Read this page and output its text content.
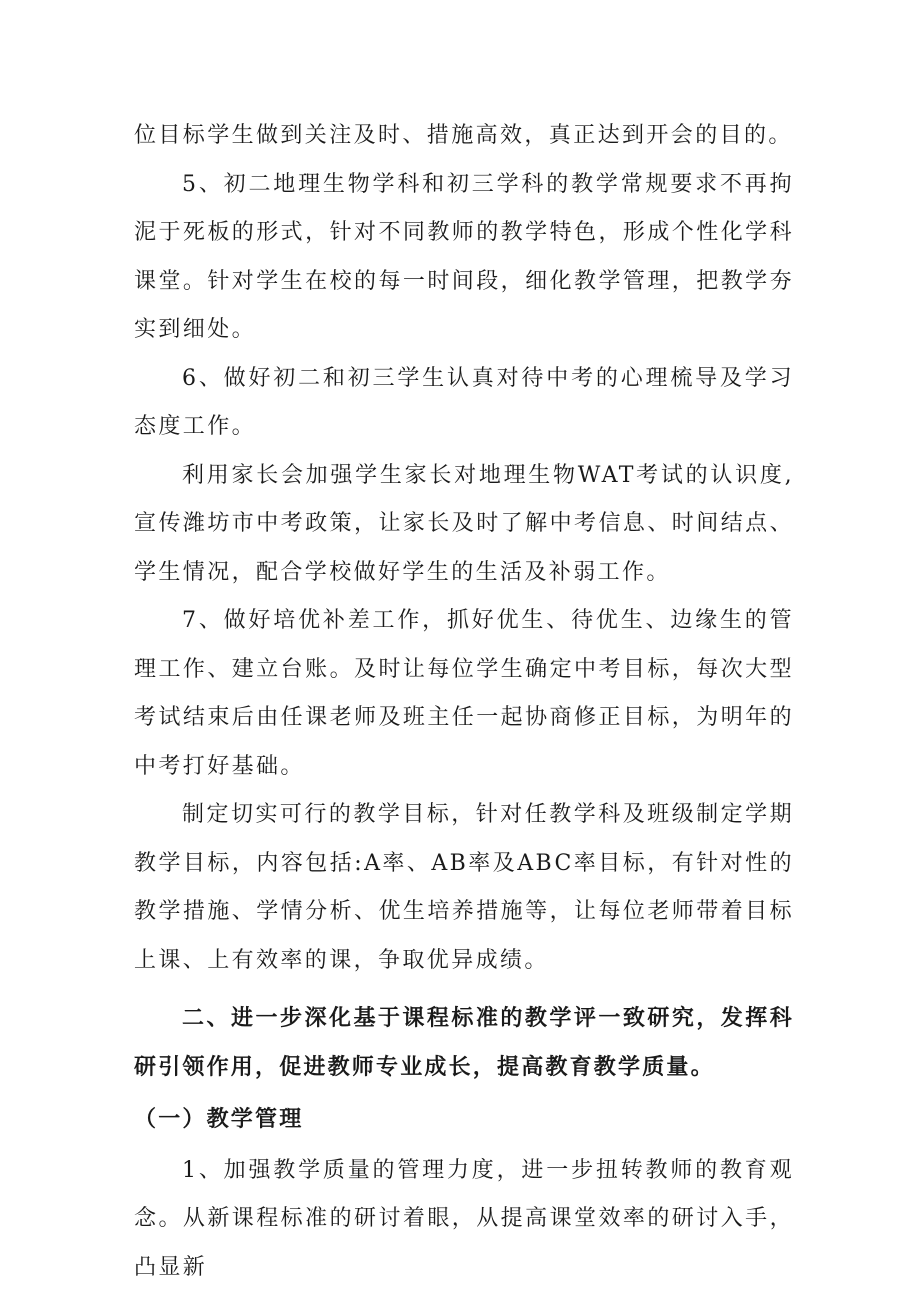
位目标学生做到关注及时、措施高效，真正达到开会的目的。

5、初二地理生物学科和初三学科的教学常规要求不再拘泥于死板的形式，针对不同教师的教学特色，形成个性化学科课堂。针对学生在校的每一时间段，细化教学管理，把教学夯实到细处。

6、做好初二和初三学生认真对待中考的心理梳导及学习态度工作。

利用家长会加强学生家长对地理生物WAT考试的认识度,宣传潍坊市中考政策，让家长及时了解中考信息、时间结点、学生情况，配合学校做好学生的生活及补弱工作。

7、做好培优补差工作，抓好优生、待优生、边缘生的管理工作、建立台账。及时让每位学生确定中考目标，每次大型考试结束后由任课老师及班主任一起协商修正目标，为明年的中考打好基础。

制定切实可行的教学目标，针对任教学科及班级制定学期教学目标，内容包括:A率、AB率及ABC率目标，有针对性的教学措施、学情分析、优生培养措施等，让每位老师带着目标上课、上有效率的课，争取优异成绩。

二、进一步深化基于课程标准的教学评一致研究，发挥科研引领作用，促进教师专业成长，提高教育教学质量。

（一）教学管理

1、加强教学质量的管理力度，进一步扭转教师的教育观念。从新课程标准的研讨着眼，从提高课堂效率的研讨入手，凸显新
